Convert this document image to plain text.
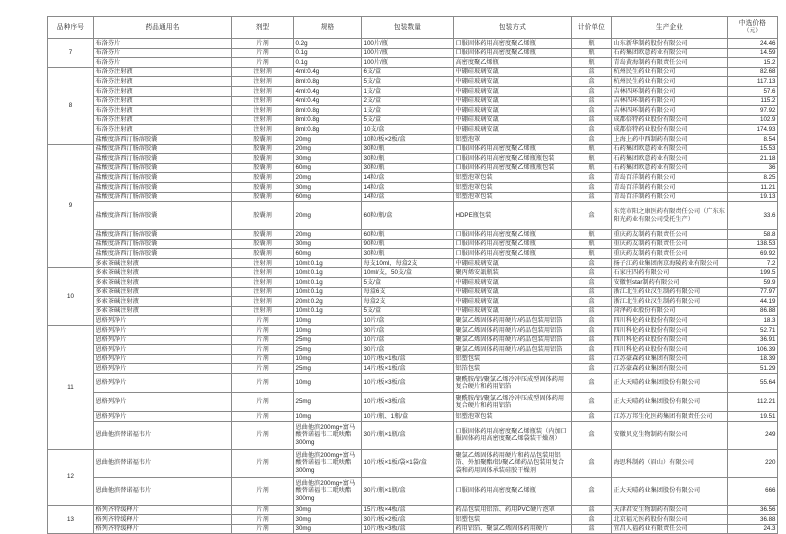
品种序号	药品通用名	剂型	规格	包装数量	包装方式	计价单位	生产企业	中选价格
（元）

7	布洛芬片	片剂	0.2g	100片/瓶	口服固体药用高密度聚乙烯瓶	瓶	山东新华制药股份有限公司	24.46
	布洛芬片	片剂	0.1g	100片/瓶	口服固体药用高密度聚乙烯瓶	瓶	石药集团欧意药业有限公司	14.59
	布洛芬片	片剂	0.1g	100片/瓶	高密度聚乙烯瓶	瓶	青岛黄海制药有限责任公司	15.2
8	布洛芬注射液	注射剂	4ml:0.4g	6支/盒	中硼硅玻璃安瓿	盒	杭州民生药业有限公司	82.68
	布洛芬注射液	注射剂	8ml:0.8g	5支/盒	中硼硅玻璃安瓿	盒	杭州民生药业有限公司	117.13
	布洛芬注射液	注射剂	4ml:0.4g	1支/盒	中硼硅玻璃安瓿	盒	吉林四环制药有限公司	57.6
	布洛芬注射液	注射剂	4ml:0.4g	2支/盒	中硼硅玻璃安瓿	盒	吉林四环制药有限公司	115.2
	布洛芬注射液	注射剂	8ml:0.8g	1支/盒	中硼硅玻璃安瓿	盒	吉林四环制药有限公司	97.92
	布洛芬注射液	注射剂	8ml:0.8g	5支/盒	中硼硅玻璃安瓿	盒	成都倍特药业股份有限公司	102.9
	布洛芬注射液	注射剂	8ml:0.8g	10支/盒	中硼硅玻璃安瓿	盒	成都倍特药业股份有限公司	174.93
	盐酸度洛西汀肠溶胶囊	胶囊剂	20mg	10粒/板×2板/盒	铝塑泡罩	盒	上海上药中西制药有限公司	8.54
9	盐酸度洛西汀肠溶胶囊	胶囊剂	20mg	30粒/瓶	口服固体药用高密度聚乙烯瓶	瓶	石药集团欧意药业有限公司	15.53
	盐酸度洛西汀肠溶胶囊	胶囊剂	30mg	30粒/瓶	口服固体药用高密度聚乙烯瓶瓶包装	瓶	石药集团欧意药业有限公司	21.18
	盐酸度洛西汀肠溶胶囊	胶囊剂	60mg	30粒/瓶	口服固体药用高密度聚乙烯瓶瓶包装	瓶	石药集团欧意药业有限公司	36
	盐酸度洛西汀肠溶胶囊	胶囊剂	20mg	14粒/盒	铝塑泡罩包装	盒	青岛百洋制药有限公司	8.25
	盐酸度洛西汀肠溶胶囊	胶囊剂	30mg	14粒/盒	铝塑泡罩包装	盒	青岛百洋制药有限公司	11.21
	盐酸度洛西汀肠溶胶囊	胶囊剂	60mg	14粒/盒	铝塑泡罩包装	盒	青岛百洋制药有限公司	19.13
	盐酸度洛西汀肠溶胶囊	胶囊剂	20mg	60粒/瓶/盒	HDPE瓶包装	盒	东莞市阳之康医药有限责任公司（广东东阳光药业有限公司受托生产）	33.6
	盐酸度洛西汀肠溶胶囊	胶囊剂	20mg	60粒/瓶	口服固体药用高密度聚乙烯瓶	瓶	重庆药友制药有限责任公司	58.8
	盐酸度洛西汀肠溶胶囊	胶囊剂	30mg	90粒/瓶	口服固体药用高密度聚乙烯瓶	瓶	重庆药友制药有限责任公司	138.53
	盐酸度洛西汀肠溶胶囊	胶囊剂	60mg	30粒/瓶	口服固体药用高密度聚乙烯瓶	瓶	重庆药友制药有限责任公司	69.92
	多索茶碱注射液	注射剂	10ml:0.1g	每支10ml，每盒2支	中硼硅玻璃安瓿	盒	扬子江药业集团南京海陵药业有限公司	7.2
10	多索茶碱注射液	注射剂	10ml:0.1g	10ml/支，50支/盒	聚丙烯安瓿瓶装	盒	石家庄四药有限公司	199.5
	多索茶碱注射液	注射剂	10ml:0.1g	5支/盒	中硼硅玻璃安瓿	盒	安徽恒star制药有限公司	59.9
	多索茶碱注射液	注射剂	10ml:0.1g	每盒6支	中硼硅玻璃安瓿	盒	浙江北生药业汉生制药有限公司	77.97
	多索茶碱注射液	注射剂	20ml:0.2g	每盒2支	中硼硅玻璃安瓿	盒	浙江北生药业汉生制药有限公司	44.19
	多索茶碱注射液	注射剂	10ml:0.1g	5支/盒	中硼硅玻璃安瓿	盒	菏泽药业股份有限公司	86.88
	恩格列净片	片剂	10mg	10片/盒	聚氯乙烯固体药用硬片/药品包装用铝箔	盒	四川科伦药业股份有限公司	18.3
11	恩格列净片	片剂	10mg	30片/盒	聚氯乙烯固体药用硬片/药品包装用铝箔	盒	四川科伦药业股份有限公司	52.71
	恩格列净片	片剂	25mg	10片/盒	聚氯乙烯固体药用硬片/药品包装用铝箔	盒	四川科伦药业股份有限公司	36.91
	恩格列净片	片剂	25mg	30片/盒	聚氯乙烯固体药用硬片/药品包装用铝箔	盒	四川科伦药业股份有限公司	106.39
	恩格列净片	片剂	10mg	10片/板×1板/盒	铝塑包装	盒	江苏豪森药业集团有限公司	18.39
	恩格列净片	片剂	25mg	14片/板×1板/盒	铝箔包装	盒	江苏豪森药业集团有限公司	51.29
	恩格列净片	片剂	10mg	10片/板×3板/盒	聚酰胺/铝/聚氯乙烯冷冲压成型固体药用复合硬片和药用铝箔	盒	正大天晴药业集团股份有限公司	55.64
	恩格列净片	片剂	25mg	10片/板×3板/盒	聚酰胺/铝/聚氯乙烯冷冲压成型固体药用复合硬片和药用铝箔	盒	正大天晴药业集团股份有限公司	112.21
	恩格列净片	片剂	10mg	10片/瓶、1瓶/盒	铝塑泡罩包装	盒	江苏万邦生化医药集团有限责任公司	19.51
	恩曲他滨替诺福韦片	片剂	恩曲他滨200mg+富马酸替诺福韦二吡呋酯300mg	30片/瓶×1瓶/盒	口服固体药用高密度聚乙烯瓶装（内加口服固体药用高密度聚乙烯袋装干燥剂）	盒	安徽贝克生物制药有限公司	249
12	恩曲他滨替诺福韦片	片剂	恩曲他滨200mg+富马酸替诺福韦二吡呋酯300mg	10片/板×1板/袋×1袋/盒	聚氯乙烯固体药用硬片和药品包装用铝箔、外加聚酯/铝/聚乙烯药品包装用复合袋和药用固体承装硅胶干燥剂	盒	海思科制药（眉山）有限公司	220
	恩曲他滨替诺福韦片	片剂	恩曲他滨200mg+富马酸替诺福韦二吡呋酯300mg	30片/瓶×1瓶/盒	口服固体药用高密度聚乙烯瓶	盒	正大天晴药业集团股份有限公司	666
13	格列齐特缓释片	片剂	30mg	15片/板×4板/盒	药品包装用铝箔、药用PVC硬片泡罩	盒	天津君安生物制药有限公司	36.56
	格列齐特缓释片	片剂	30mg	30片/板×2板/盒	铝塑包装	盒	北京福元医药股份有限公司	36.88
	格列齐特缓释片	片剂	30mg	10片/板×3板/盒	药用铝箔、聚氯乙烯固体药用硬片	盒	宜昌人福药业有限责任公司	24.3
